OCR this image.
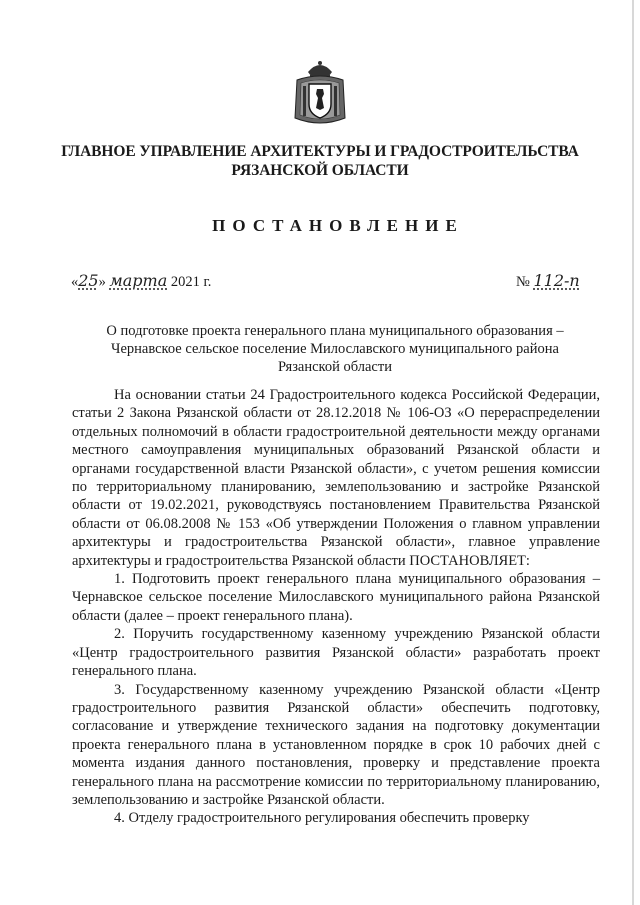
ГЛАВНОЕ УПРАВЛЕНИЕ АРХИТЕКТУРЫ И ГРАДОСТРОИТЕЛЬСТВА
РЯЗАНСКОЙ ОБЛАСТИ
ПОСТАНОВЛЕНИЕ
«25» марта 2021 г.	№ 112-п
О подготовке проекта генерального плана муниципального образования –
Чернавское сельское поселение Милославского муниципального района
Рязанской области

На основании статьи 24 Градостроительного кодекса Российской Федерации, статьи 2 Закона Рязанской области от 28.12.2018 № 106-ОЗ «О перераспределении отдельных полномочий в области градостроительной деятельности между органами местного самоуправления муниципальных образований Рязанской области и органами государственной власти Рязанской области», с учетом решения комиссии по территориальному планированию, землепользованию и застройке Рязанской области от 19.02.2021, руководствуясь постановлением Правительства Рязанской области от 06.08.2008 № 153 «Об утверждении Положения о главном управлении архитектуры и градостроительства Рязанской области», главное управление архитектуры и градостроительства Рязанской области ПОСТАНОВЛЯЕТ:

1. Подготовить проект генерального плана муниципального образования – Чернавское сельское поселение Милославского муниципального района Рязанской области (далее – проект генерального плана).

2. Поручить государственному казенному учреждению Рязанской области «Центр градостроительного развития Рязанской области» разработать проект генерального плана.

3. Государственному казенному учреждению Рязанской области «Центр градостроительного развития Рязанской области» обеспечить подготовку, согласование и утверждение технического задания на подготовку документации проекта генерального плана в установленном порядке в срок 10 рабочих дней с момента издания данного постановления, проверку и представление проекта генерального плана на рассмотрение комиссии по территориальному планированию, землепользованию и застройке Рязанской области.

4. Отделу градостроительного регулирования обеспечить проверку
